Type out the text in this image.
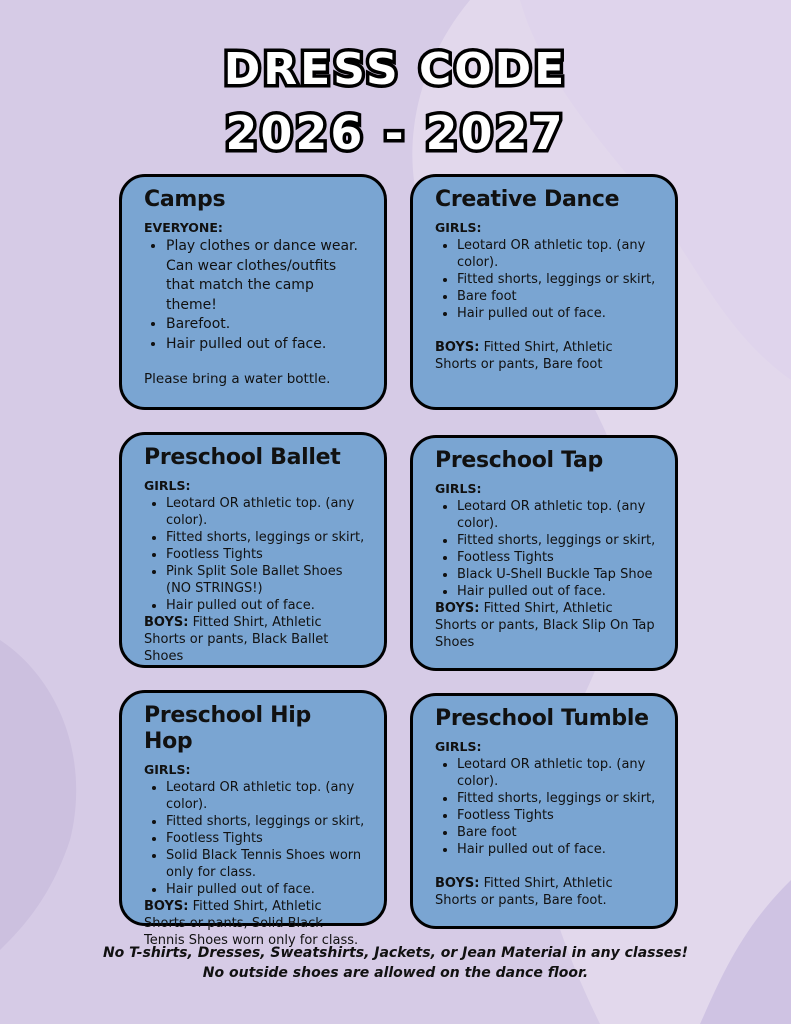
DRESS CODE
2026 - 2027
Camps
EVERYONE:
• Play clothes or dance wear. Can wear clothes/outfits that match the camp theme!
• Barefoot.
• Hair pulled out of face.
Please bring a water bottle.
Creative Dance
GIRLS:
• Leotard OR athletic top. (any color).
• Fitted shorts, leggings or skirt,
• Bare foot
• Hair pulled out of face.
BOYS: Fitted Shirt, Athletic Shorts or pants, Bare foot
Preschool Ballet
GIRLS:
• Leotard OR athletic top. (any color).
• Fitted shorts, leggings or skirt,
• Footless Tights
• Pink Split Sole Ballet Shoes (NO STRINGS!)
• Hair pulled out of face.
BOYS: Fitted Shirt, Athletic Shorts or pants, Black Ballet Shoes
Preschool Tap
GIRLS:
• Leotard OR athletic top. (any color).
• Fitted shorts, leggings or skirt,
• Footless Tights
• Black U-Shell Buckle Tap Shoe
• Hair pulled out of face.
BOYS: Fitted Shirt, Athletic Shorts or pants, Black Slip On Tap Shoes
Preschool Hip Hop
GIRLS:
• Leotard OR athletic top. (any color).
• Fitted shorts, leggings or skirt,
• Footless Tights
• Solid Black Tennis Shoes worn only for class.
• Hair pulled out of face.
BOYS: Fitted Shirt, Athletic Shorts or pants, Solid Black Tennis Shoes worn only for class.
Preschool Tumble
GIRLS:
• Leotard OR athletic top. (any color).
• Fitted shorts, leggings or skirt,
• Footless Tights
• Bare foot
• Hair pulled out of face.
BOYS: Fitted Shirt, Athletic Shorts or pants, Bare foot.
No T-shirts, Dresses, Sweatshirts, Jackets, or Jean Material in any classes!
No outside shoes are allowed on the dance floor.
